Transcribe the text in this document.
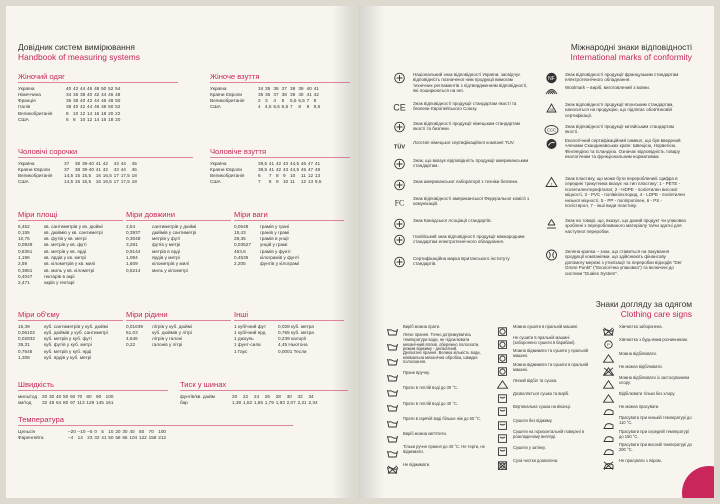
Довідник систем вимірювання
Handbook of measuring systems
Жіночий одяг
Україна	40	42	44	46	48	50	52	54
Німеччина	34	36	38	40	42	44	46	48
Франція	36	38	40	42	44	46	48	50
Італія	38	40	42	44	46	48	50	52
Великобританія	8	10	12	14	16	18	20	22
США	6	8	10	12	14	16	18	20
Жіноче взуття
Україна	34	35	36	37	38	39	40	41
Країни Європи	35	36	37	38	39	40	41	42
Великобританія	2	3	4	5	5,5	6,5	7	8
США	4	4,5	5,5	6,5	7	8	9	9,5
Чоловічі сорочки
Україна	37	38	39-40	41	42	43	44	45
Країни Європи	37	38	39-40	41	42	43	44	45
Великобританія	14,5	15	15,5	16	16,5	17	17,5	18
США	14,5	15	15,5	16	16,5	17	17,5	18
Чоловіче взуття
Україна	39,5	41	42	43	44,5	46	47	41
Країни Європи	39,5	41	42	43	44,5	46	47	48
Великобританія	6	7	8	9	10	11	12	13
США	7	8	9	10	11	12	13	9,5
Міри площі
6,452	кв. сантиметрів у кв. дюймі
0,155	кв. дюймів у кв. сантиметрі
10,76	кв. футів у кв. метрі
0,0929	кв. метрів у кв. футі
0,8361	кв. метрів у кв. ярді
1,196	кв. ярдів у кв. метрі
2,59	кв. кілометрів у кв. милі
0,3861	кв. миль у кв. кілометрі
0,4047	гектарів в акрі
2,471	акрів у гектарі
Міри довжини
2,54	сантиметрів у дюймі
0,3937	дюймів у сантиметрі
0,3048	метрів у футі
3,281	футів у метрі
0,9144	метрів в ярді
1,094	ярдів у метрі
1,609	кілометрів у милі
0,6214	миль у кілометрі
Міри ваги
0,0648	грамів у грані
15,43	гранів у грамі
28,35	грамів в унції
0,03527	унцій у грамі
453,6	грамів у фунті
0,4536	кілограмів у фунті
2,205	фунтів у кілограмі
Міри об'єму
16,39	куб. сантиметрів у куб. дюймі
0,06102	куб. дюймів у куб. сантиметрі
0,02832	куб. метрів у куб. футі
35,31	куб. футів у куб. метрі
0,7646	куб. метрів у куб. ярді
1,308	куб. ярдів у куб. метрі
Міри рідини
0,01639	літрів у куб. дюймі
61,03	куб. дюймів у літрі
4,546	літрів у галоні
0,22	галонів у літрі
Інші
1 кубічний фут	0,028 куб. метра
1 кубічний ярд	0,765 куб. метра
1 джоуль	0,239 калорії
1 фунт-сила	4,45 Ньютона
1 Гаус	0,0001 Тесли
Швидкість
миль/год	20	30	40	50	60	70	80	90	100
км/год	32	48	64	80	97	113	129	145	161
Тиск у шинах
фунтів/кв. дюйм	20	22	24	26	28	30	32	34
бар	1,38	1,52	1,65	1,79	1,93	2,07	2,21	2,34
Температура
Цельсія	–20	–10	–5	0	5	10	20	30	40	50	70	100
Фаренгейта	–4	14	23	32	41	50	68	86	104	122	158	212
Міжнародні знаки відповідності
International marks of conformity
Національний знак відповідності України, засвідчує відповідність позначеної ним продукції вимогам технічних регламентів з підтвердженням відповідності, які поширюються на неї.
CE	Знак відповідності продукції стандартам якості та безпеки Європейського Союзу.
Знак відповідності продукції німецьким стандартам якості та безпеки.
TÜV
Логотип німецької сертифікаційної компанії TUV.
Знак, що вказує відповідність продукції американським стандартам.
Знак американської лабораторії з техніки безпеки.
FC	Знак відповідності американської Федеральної комісії з комунікацій.
Знак Канадської Асоціації стандартів.
Італійський знак відповідності продукції міжнародним стандартам електротехнічного обладнання.
Сертифікаційна марка Британського інституту стандартів.
NF
Знак відповідності продукції французьким стандартам електротехнічного обладнання.
Woolmark – виріб, виготовлений з вовни.
JIS
Знак відповідності продукції японським стандартам, наноситься на продукцію, що підлягає обов'язковій сертифікації.
CCC
Знак відповідності продукції китайським стандартам якості.
Екологічний сертифікаційний символ, що був введений членами Скандинавських країн: Швецією, Норвегією, Фінляндією та Ісландією. Означає відповідність товару екологічним та функціональним нормативам.
1
Знак пластику, що може бути перероблений. Цифра в середині трикутника вказує на тип пластику: 1 - PETE - поліетилентерефталат, 2 - HDPE - поліетилен високої міцності, 3 - PVC - полівінілхлорид, 4 - LDPE - поліетилен низької міцності, 5 - PP - поліпропілен, 6 - PS - полістирол, 7 - інші види пластику.
Знак на товарі, що, вказує, що даний продукт чи упаковка зроблені з перероблюваного матеріалу та/чи здатні для наступної переробки.
Зелена крапка – знак, що ставиться на пакування продукції компаніями, що здійснюють фінансову допомогу мережі з утилізації та переробки відходів "Der Grüne Punkt" ("Екологічна упаковка") та включені до системи "Duales System".
Знаки догляду за одягом
Clothing care signs
Виріб можна прати.
Легке прання. Точно дотримуватись температури води, не підсилювати механічний вплив, обережно полоскати, режим віджиму - делікатний.
Делікатне прання. Велика кількість води, мінімальна механічна обробка, швидке полоскання.
Пране вручну.
Прати в теплій воді до 30 °С.
Прати в теплій воді до 40 °С.
Прати в гарячій воді більше ніж до 60 °С.
Виріб можна кип'ятити.
Тільки ручне прання до 40 °С. Не терти, не віджимати.
Не віджимати.
Можна сушити в пральній машині.
Не сушити в пральній машині (заборонено сушити в барабані).
Можна віджимати та сушити у пральній машині.
Можна віджимати та сушити в пральній машині.
Легкий відбіл та сушка.
Дозволяється сушка та виріб.
Вертикальна сушка на віконці.
Сушити без віджиму.
Сушити на горизонтальній поверхні в розкладеному вигляді.
Сушити у затінку.
Суха чистка дозволена.
Хімчистка заборонена.
P
Хімчистка з будь-яким розчинником.
Можна відбілювати.
Не можна відбілювати.
Можна відбілювати із застосуванням хлору.
Відбілювати тільки без хлору.
Не можна прасувати.
Прасувати при низькій температурі до 110 °С.
Прасувати при середній температурі до 150 °С.
Прасувати при високій температурі до 200 °С.
Не прасувати з паром.
